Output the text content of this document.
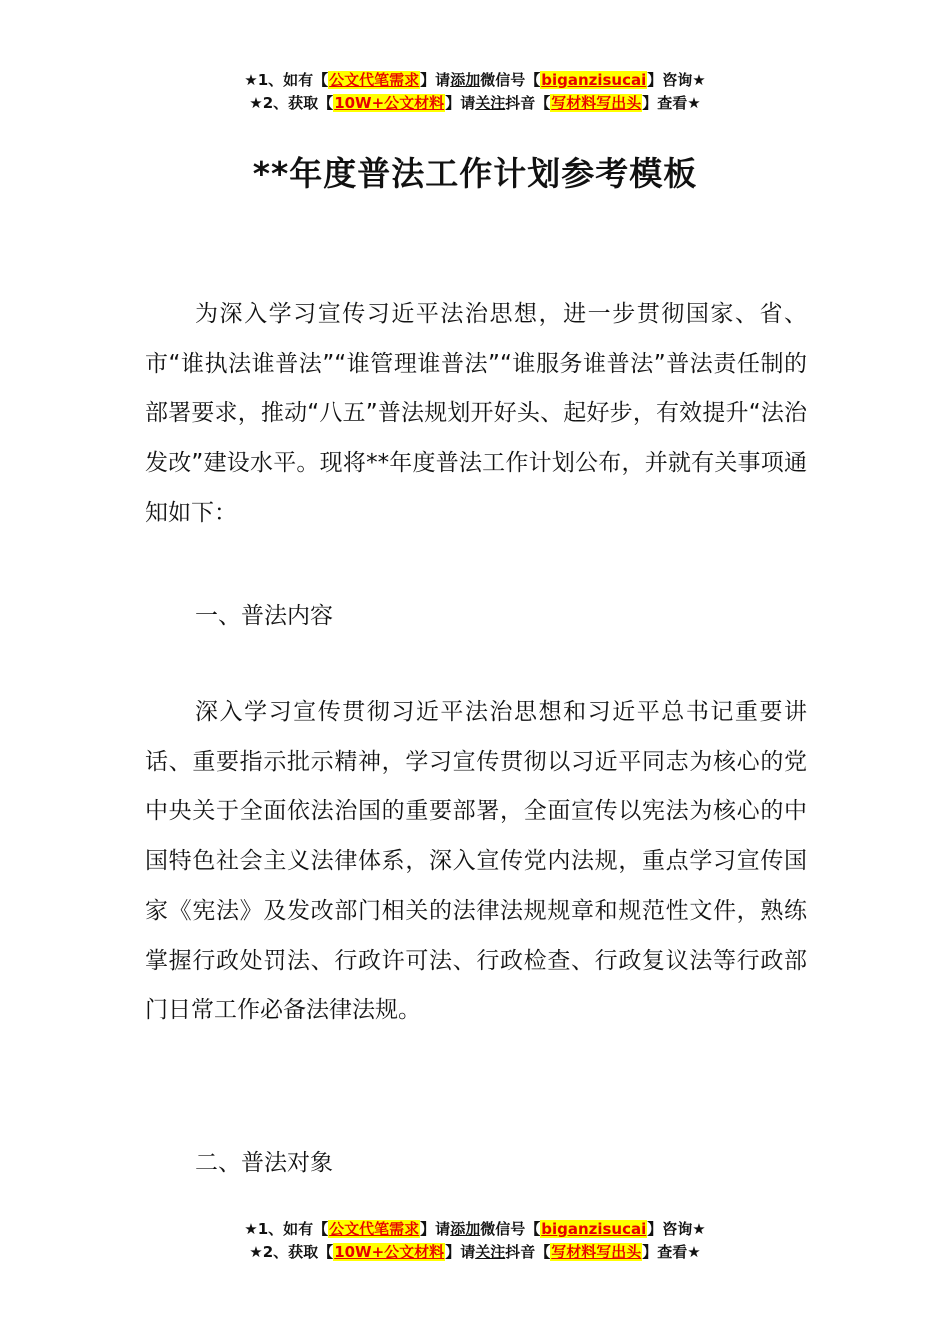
★1、如有【公文代笔需求】请添加微信号【biganzisucai】咨询★
★2、获取【10W+公文材料】请关注抖音【写材料写出头】查看★
**年度普法工作计划参考模板

为深入学习宣传习近平法治思想，进一步贯彻国家、省、市“谁执法谁普法”“谁管理谁普法”“谁服务谁普法”普法责任制的部署要求，推动“八五”普法规划开好头、起好步，有效提升“法治发改”建设水平。现将**年度普法工作计划公布，并就有关事项通知如下：

一、普法内容

深入学习宣传贯彻习近平法治思想和习近平总书记重要讲话、重要指示批示精神，学习宣传贯彻以习近平同志为核心的党中央关于全面依法治国的重要部署，全面宣传以宪法为核心的中国特色社会主义法律体系，深入宣传党内法规，重点学习宣传国家《宪法》及发改部门相关的法律法规规章和规范性文件，熟练掌握行政处罚法、行政许可法、行政检查、行政复议法等行政部门日常工作必备法律法规。

二、普法对象

★1、如有【公文代笔需求】请添加微信号【biganzisucai】咨询★
★2、获取【10W+公文材料】请关注抖音【写材料写出头】查看★
